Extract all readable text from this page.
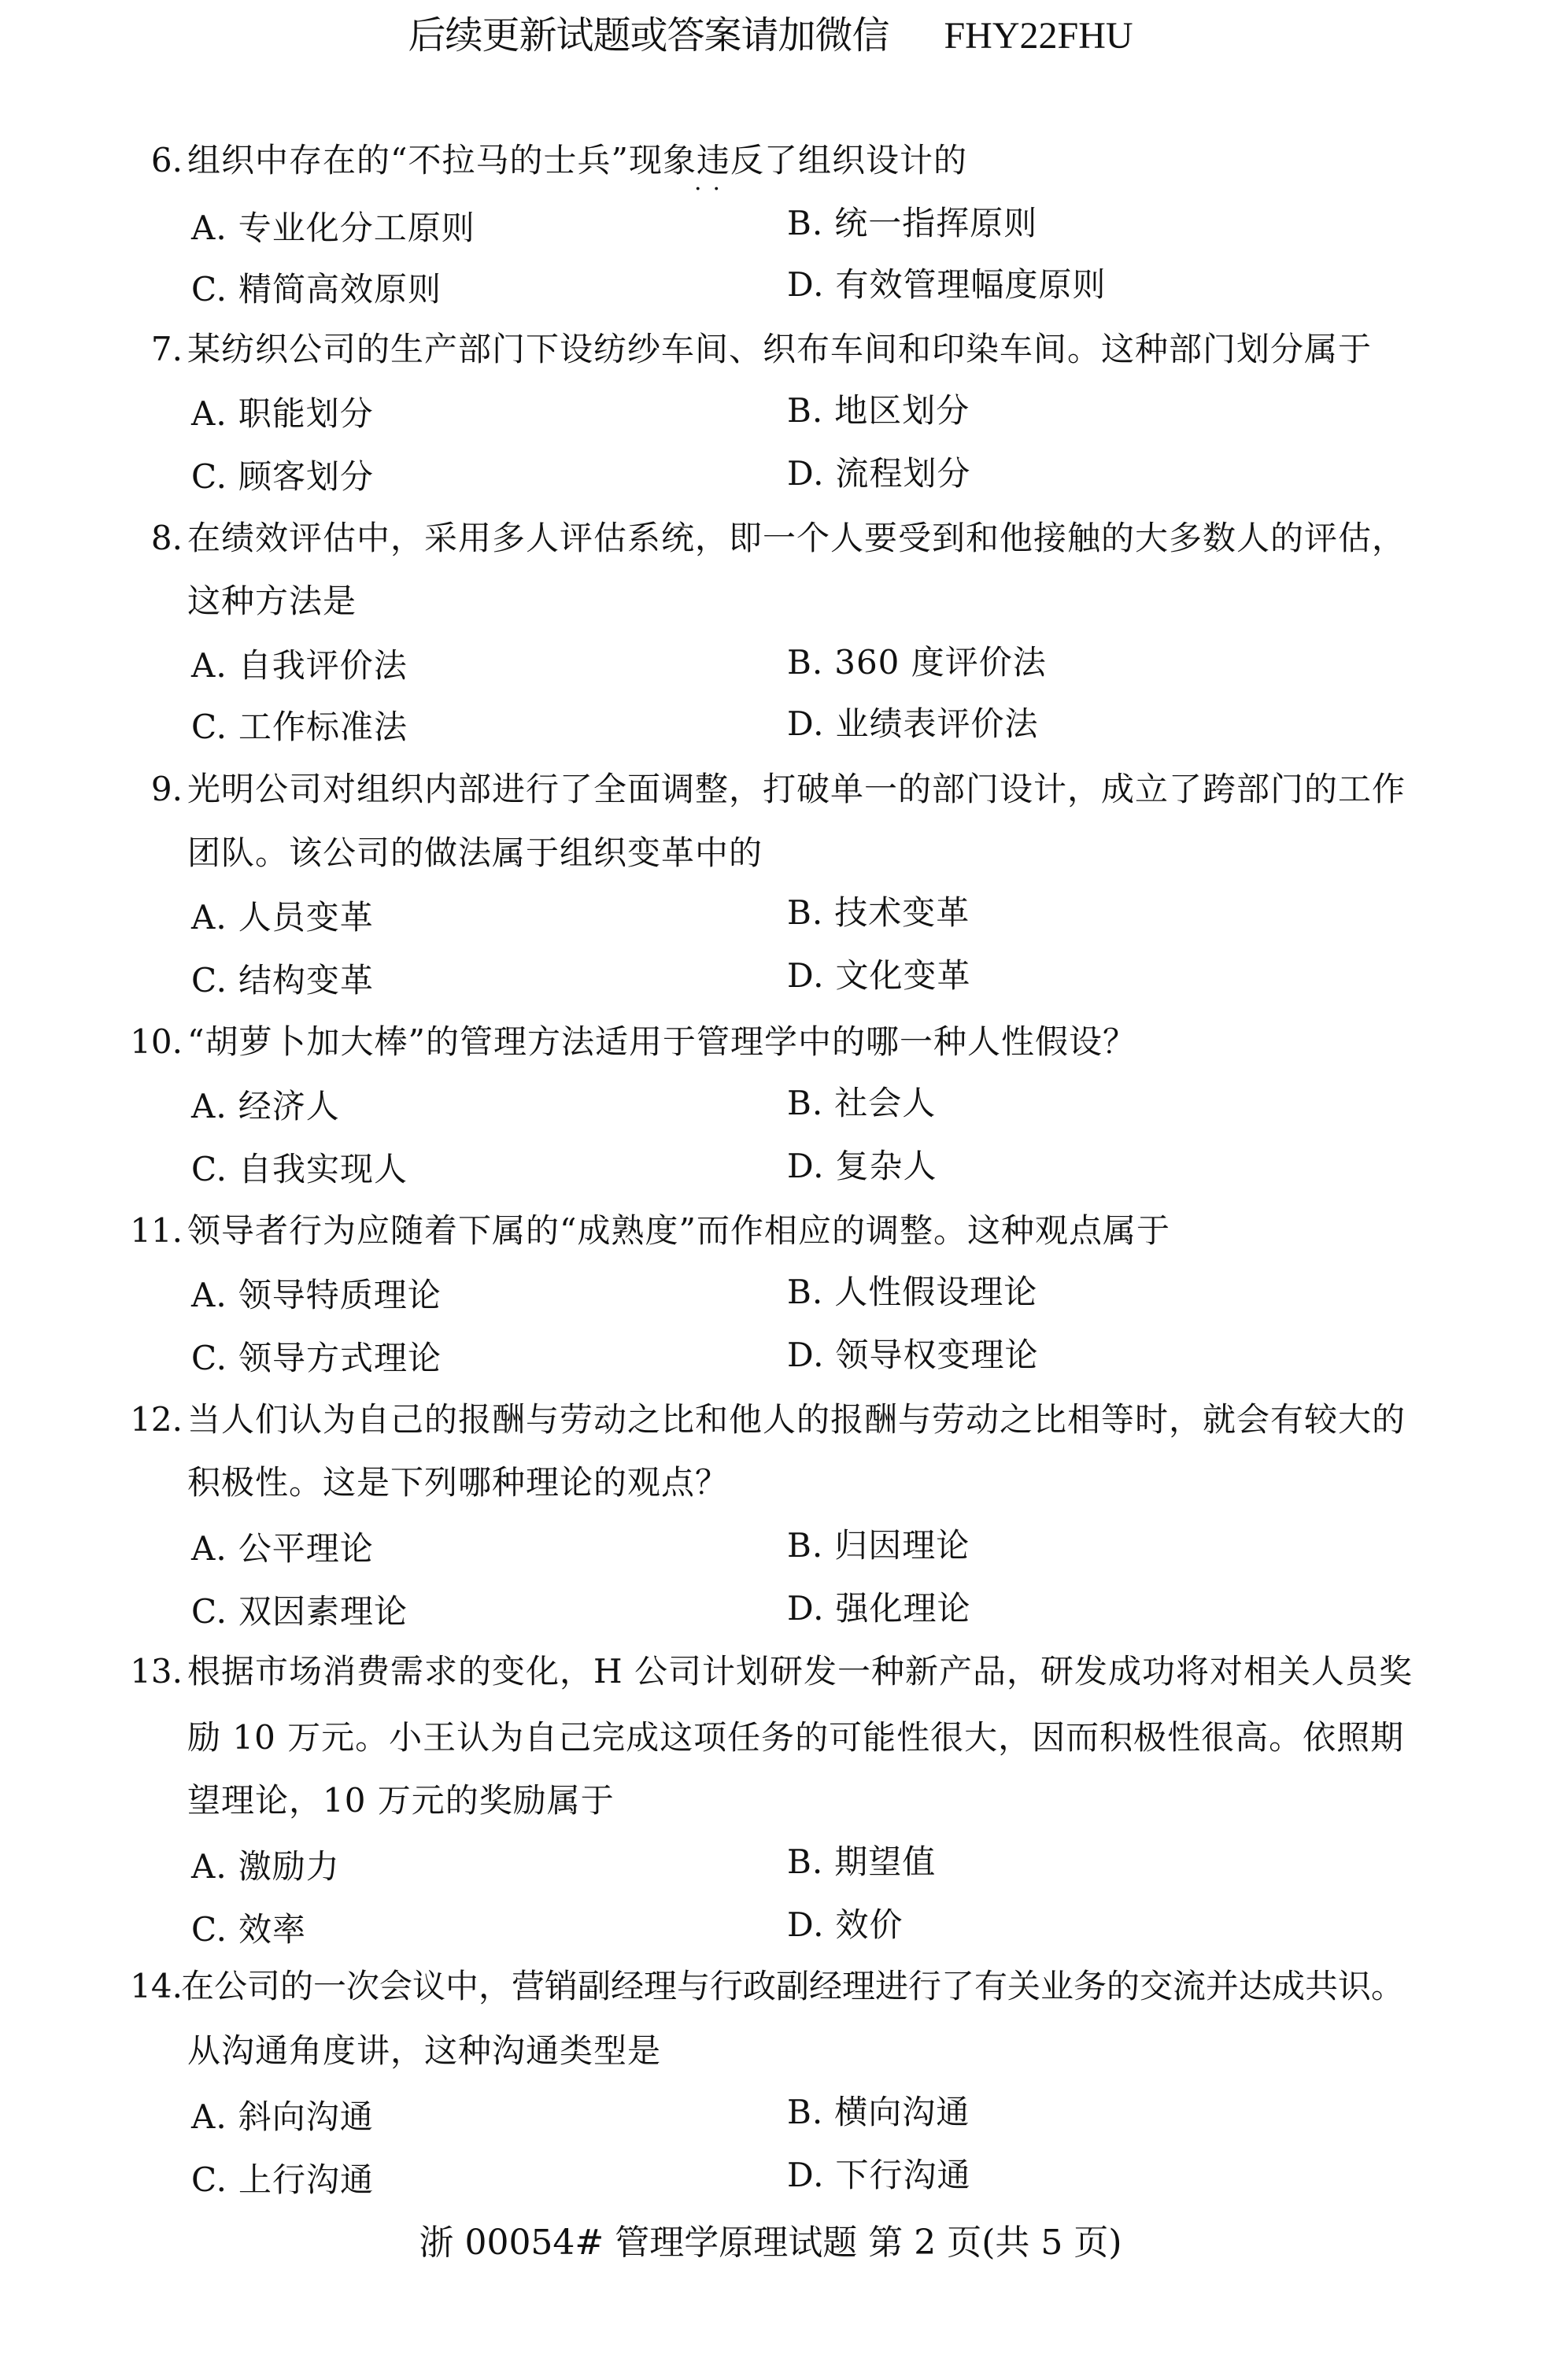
后续更新试题或答案请加微信 FHY22FHU
6. 组织中存在的“不拉马的士兵”现象违反了组织设计的
··
A. 专业化分工原则	B. 统一指挥原则
C. 精简高效原则	D. 有效管理幅度原则
7. 某纺织公司的生产部门下设纺纱车间、织布车间和印染车间。这种部门划分属于
A. 职能划分	B. 地区划分
C. 顾客划分	D. 流程划分
8. 在绩效评估中，采用多人评估系统，即一个人要受到和他接触的大多数人的评估，
这种方法是
A. 自我评价法	B. 360 度评价法
C. 工作标准法	D. 业绩表评价法
9. 光明公司对组织内部进行了全面调整，打破单一的部门设计，成立了跨部门的工作
团队。该公司的做法属于组织变革中的
A. 人员变革	B. 技术变革
C. 结构变革	D. 文化变革
10. “胡萝卜加大棒”的管理方法适用于管理学中的哪一种人性假设？
A. 经济人	B. 社会人
C. 自我实现人	D. 复杂人
11. 领导者行为应随着下属的“成熟度”而作相应的调整。这种观点属于
A. 领导特质理论	B. 人性假设理论
C. 领导方式理论	D. 领导权变理论
12. 当人们认为自己的报酬与劳动之比和他人的报酬与劳动之比相等时，就会有较大的
积极性。这是下列哪种理论的观点？
A. 公平理论	B. 归因理论
C. 双因素理论	D. 强化理论
13. 根据市场消费需求的变化，H 公司计划研发一种新产品，研发成功将对相关人员奖
励 10 万元。小王认为自己完成这项任务的可能性很大，因而积极性很高。依照期
望理论，10 万元的奖励属于
A. 激励力	B. 期望值
C. 效率	D. 效价
14.
在公司的一次会议中，营销副经理与行政副经理进行了有关业务的交流并达成共识。
从沟通角度讲，这种沟通类型是
A. 斜向沟通	B. 横向沟通
C. 上行沟通	D. 下行沟通
浙 00054# 管理学原理试题 第 2 页(共 5 页)
